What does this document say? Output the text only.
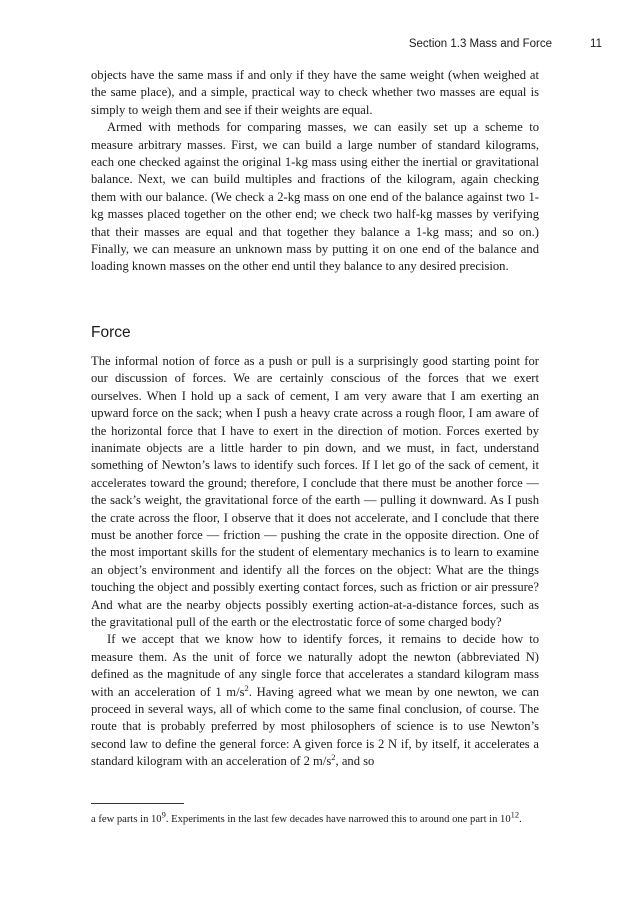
Section 1.3 Mass and Force	11

objects have the same mass if and only if they have the same weight (when weighed at the same place), and a simple, practical way to check whether two masses are equal is simply to weigh them and see if their weights are equal.

Armed with methods for comparing masses, we can easily set up a scheme to measure arbitrary masses. First, we can build a large number of standard kilograms, each one checked against the original 1-kg mass using either the inertial or gravitational balance. Next, we can build multiples and fractions of the kilogram, again checking them with our balance. (We check a 2-kg mass on one end of the balance against two 1-kg masses placed together on the other end; we check two half-kg masses by verifying that their masses are equal and that together they balance a 1-kg mass; and so on.) Finally, we can measure an unknown mass by putting it on one end of the balance and loading known masses on the other end until they balance to any desired precision.

Force

The informal notion of force as a push or pull is a surprisingly good starting point for our discussion of forces. We are certainly conscious of the forces that we exert ourselves. When I hold up a sack of cement, I am very aware that I am exerting an upward force on the sack; when I push a heavy crate across a rough floor, I am aware of the horizontal force that I have to exert in the direction of motion. Forces exerted by inanimate objects are a little harder to pin down, and we must, in fact, understand something of Newton’s laws to identify such forces. If I let go of the sack of cement, it accelerates toward the ground; therefore, I conclude that there must be another force — the sack’s weight, the gravitational force of the earth — pulling it downward. As I push the crate across the floor, I observe that it does not accelerate, and I conclude that there must be another force — friction — pushing the crate in the opposite direction. One of the most important skills for the student of elementary mechanics is to learn to examine an object’s environment and identify all the forces on the object: What are the things touching the object and possibly exerting contact forces, such as friction or air pressure? And what are the nearby objects possibly exerting action-at-a-distance forces, such as the gravitational pull of the earth or the electrostatic force of some charged body?

If we accept that we know how to identify forces, it remains to decide how to measure them. As the unit of force we naturally adopt the newton (abbreviated N) defined as the magnitude of any single force that accelerates a standard kilogram mass with an acceleration of 1 $m/s^2$. Having agreed what we mean by one newton, we can proceed in several ways, all of which come to the same final conclusion, of course. The route that is probably preferred by most philosophers of science is to use Newton’s second law to define the general force: A given force is 2 N if, by itself, it accelerates a standard kilogram with an acceleration of 2 $m/s^2$, and so

a few parts in $10^9$. Experiments in the last few decades have narrowed this to around one part in $10^{12}$.
